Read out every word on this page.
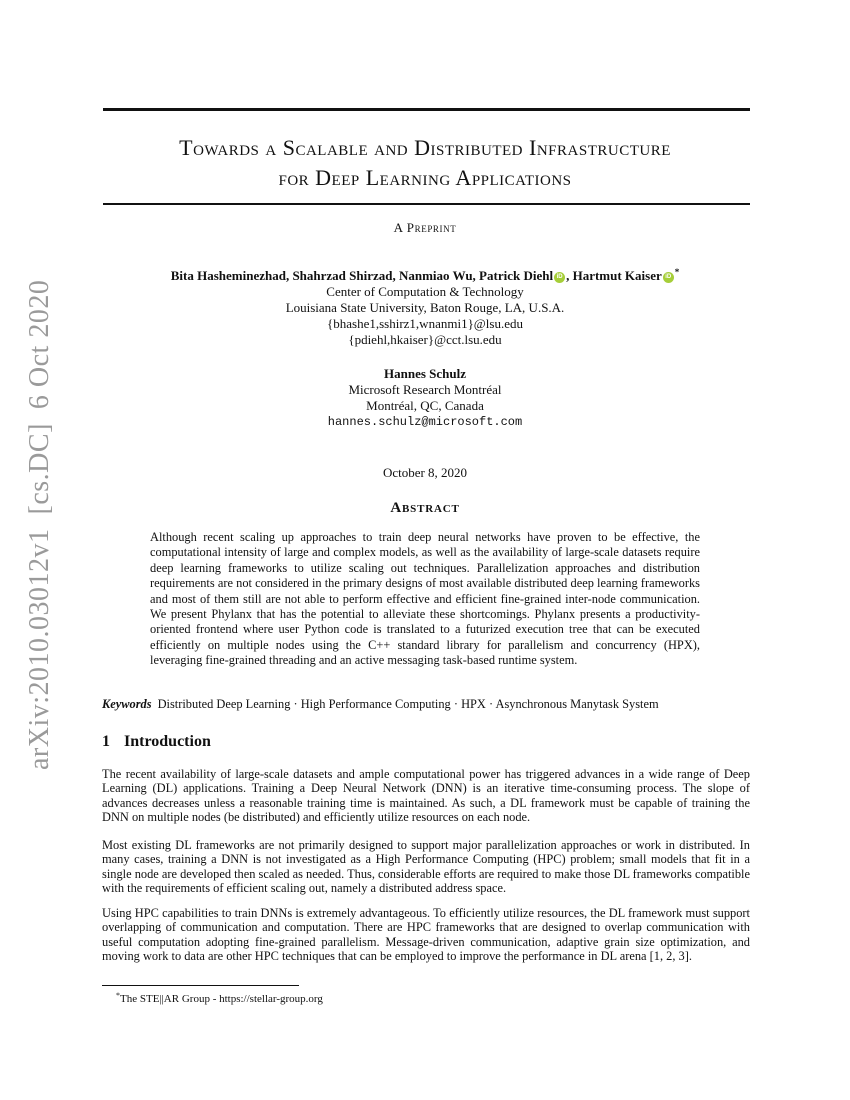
arXiv:2010.03012v1[cs.DC]6 Oct 2020
Towards a Scalable and Distributed Infrastructure
for Deep Learning Applications
A Preprint
Bita Hasheminezhad, Shahrzad Shirzad, Nanmiao Wu, Patrick Diehl iD , Hartmut Kaiser iD *
Center of Computation & Technology
Louisiana State University, Baton Rouge, LA, U.S.A.
{bhashe1,sshirz1,wnanmi1}@lsu.edu
{pdiehl,hkaiser}@cct.lsu.edu
Hannes Schulz
Microsoft Research Montréal
Montréal, QC, Canada
hannes.schulz@microsoft.com
October 8, 2020
Abstract
Although recent scaling up approaches to train deep neural networks have proven to be effective, the computational intensity of large and complex models, as well as the availability of large-scale datasets require deep learning frameworks to utilize scaling out techniques. Parallelization approaches and distribution requirements are not considered in the primary designs of most available distributed deep learning frameworks and most of them still are not able to perform effective and efficient fine-grained inter-node communication. We present Phylanx that has the potential to alleviate these shortcomings. Phylanx presents a productivity-oriented frontend where user Python code is translated to a futurized execution tree that can be executed efficiently on multiple nodes using the C++ standard library for parallelism and concurrency (HPX), leveraging fine-grained threading and an active messaging task-based runtime system.
Keywords Distributed Deep Learning · High Performance Computing · HPX · Asynchronous Manytask System
1 Introduction
The recent availability of large-scale datasets and ample computational power has triggered advances in a wide range of Deep Learning (DL) applications. Training a Deep Neural Network (DNN) is an iterative time-consuming process. The slope of advances decreases unless a reasonable training time is maintained. As such, a DL framework must be capable of training the DNN on multiple nodes (be distributed) and efficiently utilize resources on each node.
Most existing DL frameworks are not primarily designed to support major parallelization approaches or work in distributed. In many cases, training a DNN is not investigated as a High Performance Computing (HPC) problem; small models that fit in a single node are developed then scaled as needed. Thus, considerable efforts are required to make those DL frameworks compatible with the requirements of efficient scaling out, namely a distributed address space.
Using HPC capabilities to train DNNs is extremely advantageous. To efficiently utilize resources, the DL framework must support overlapping of communication and computation. There are HPC frameworks that are designed to overlap communication with useful computation adopting fine-grained parallelism. Message-driven communication, adaptive grain size optimization, and moving work to data are other HPC techniques that can be employed to improve the performance in DL arena [1, 2, 3].
*The STE||AR Group - https://stellar-group.org
